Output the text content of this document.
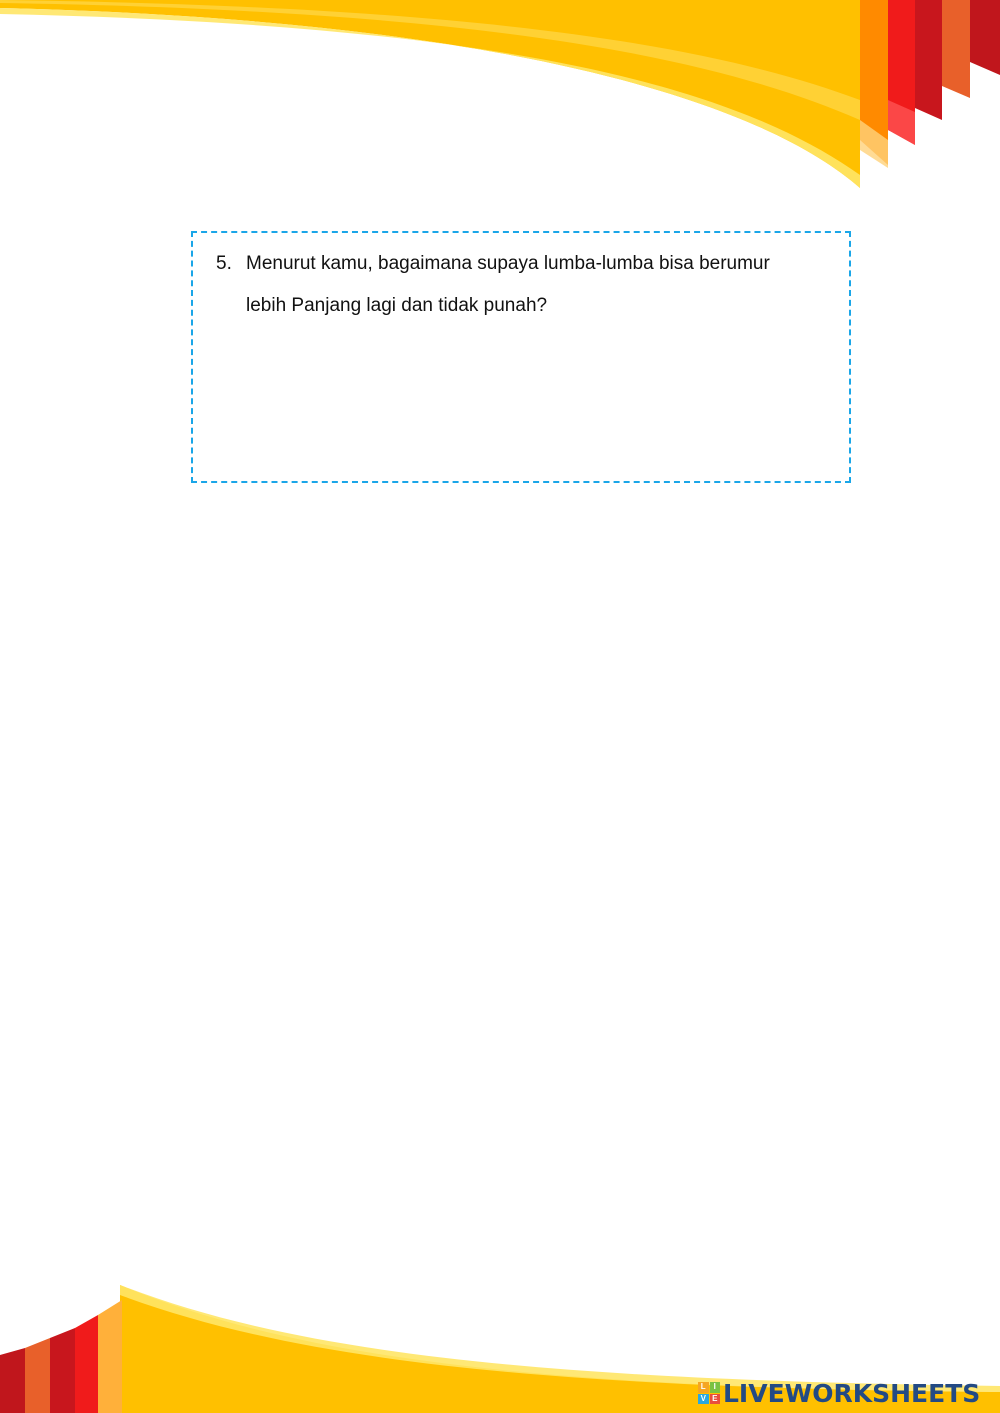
5. Menurut kamu, bagaimana supaya lumba-lumba bisa berumur
lebih Panjang lagi dan tidak punah?
L I
V E LIVEWORKSHEETS
